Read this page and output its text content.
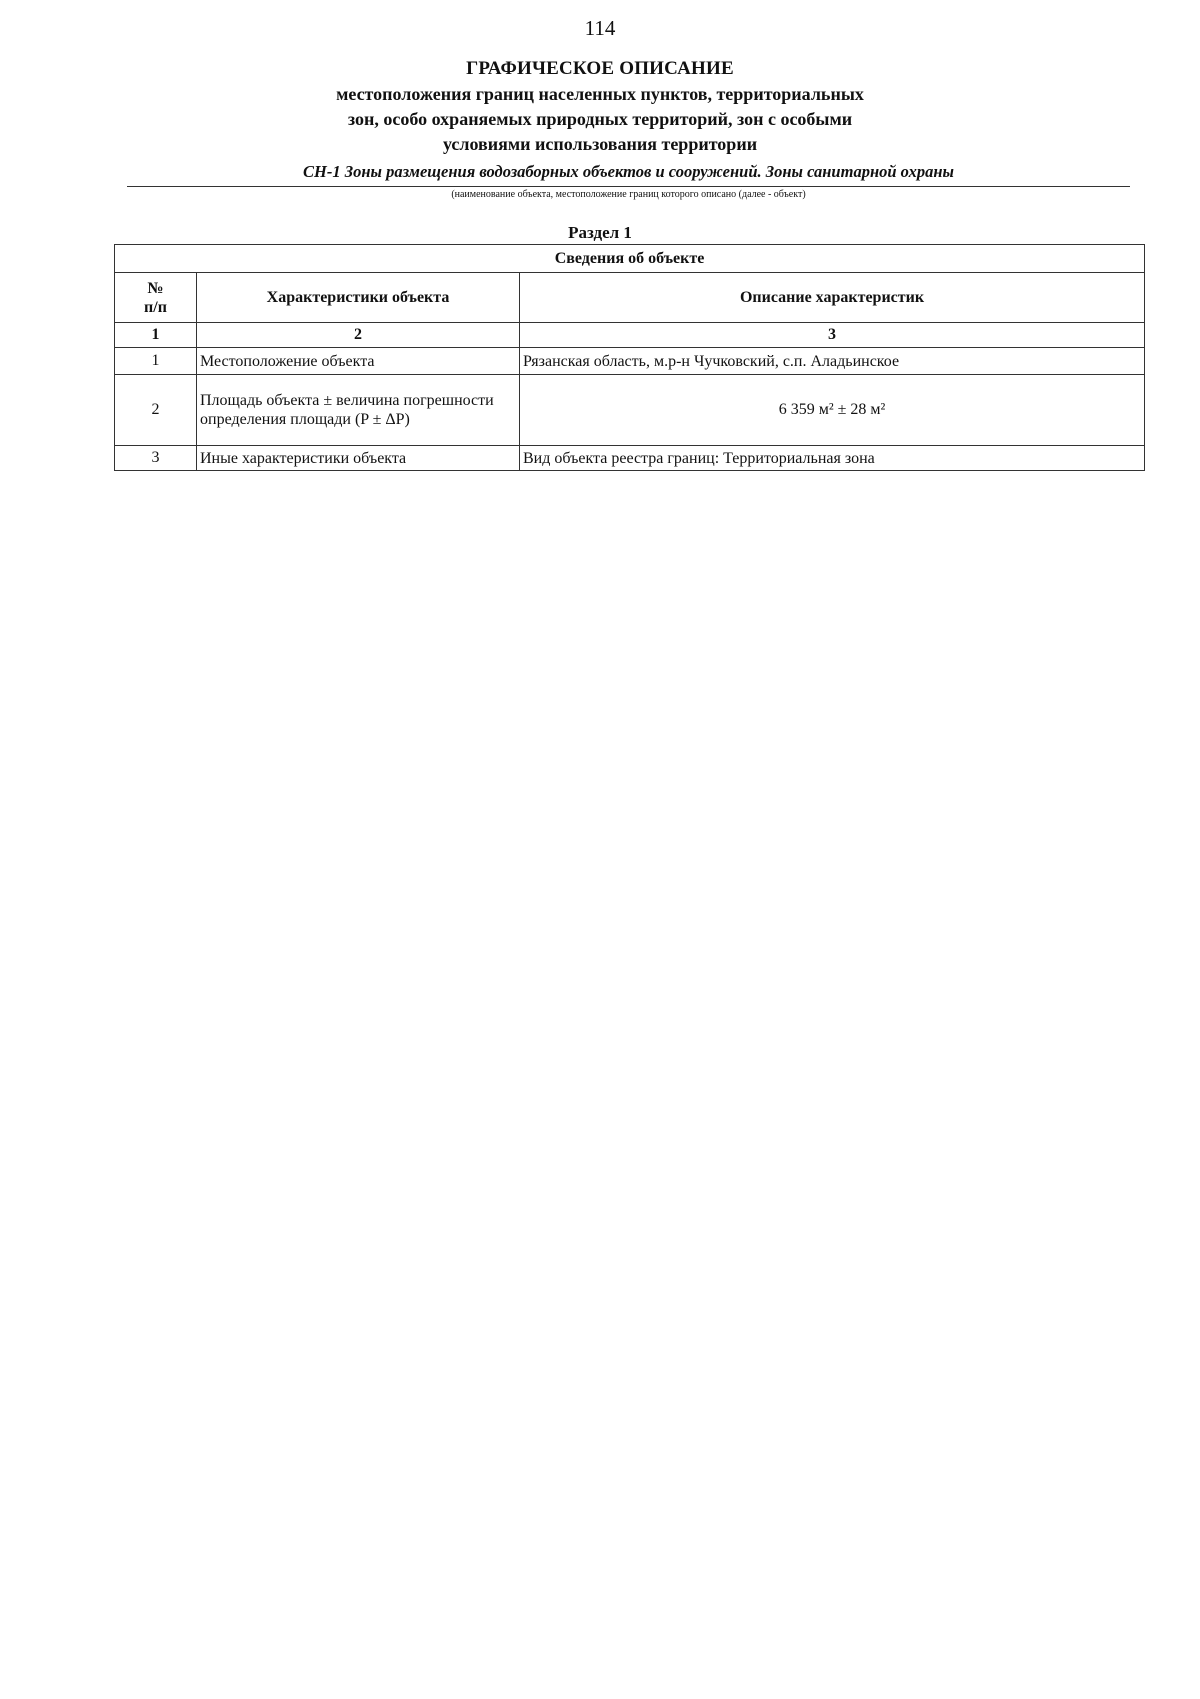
114
ГРАФИЧЕСКОЕ ОПИСАНИЕ
местоположения границ населенных пунктов, территориальных
зон, особо охраняемых природных территорий, зон с особыми
условиями использования территории
СН-1 Зоны размещения водозаборных объектов и сооружений. Зоны санитарной охраны
(наименование объекта, местоположение границ которого описано (далее - объект)
Раздел 1
Сведения об объекте		

№
п/п	Характеристики объекта	Описание характеристик
1	2	3
1	Местоположение объекта	Рязанская область, м.р-н Чучковский, с.п. Аладьинское
2	Площадь объекта ± величина погрешности определения площади (P ± ΔP)	6 359 м² ± 28 м²
3	Иные характеристики объекта	Вид объекта реестра границ: Территориальная зона
